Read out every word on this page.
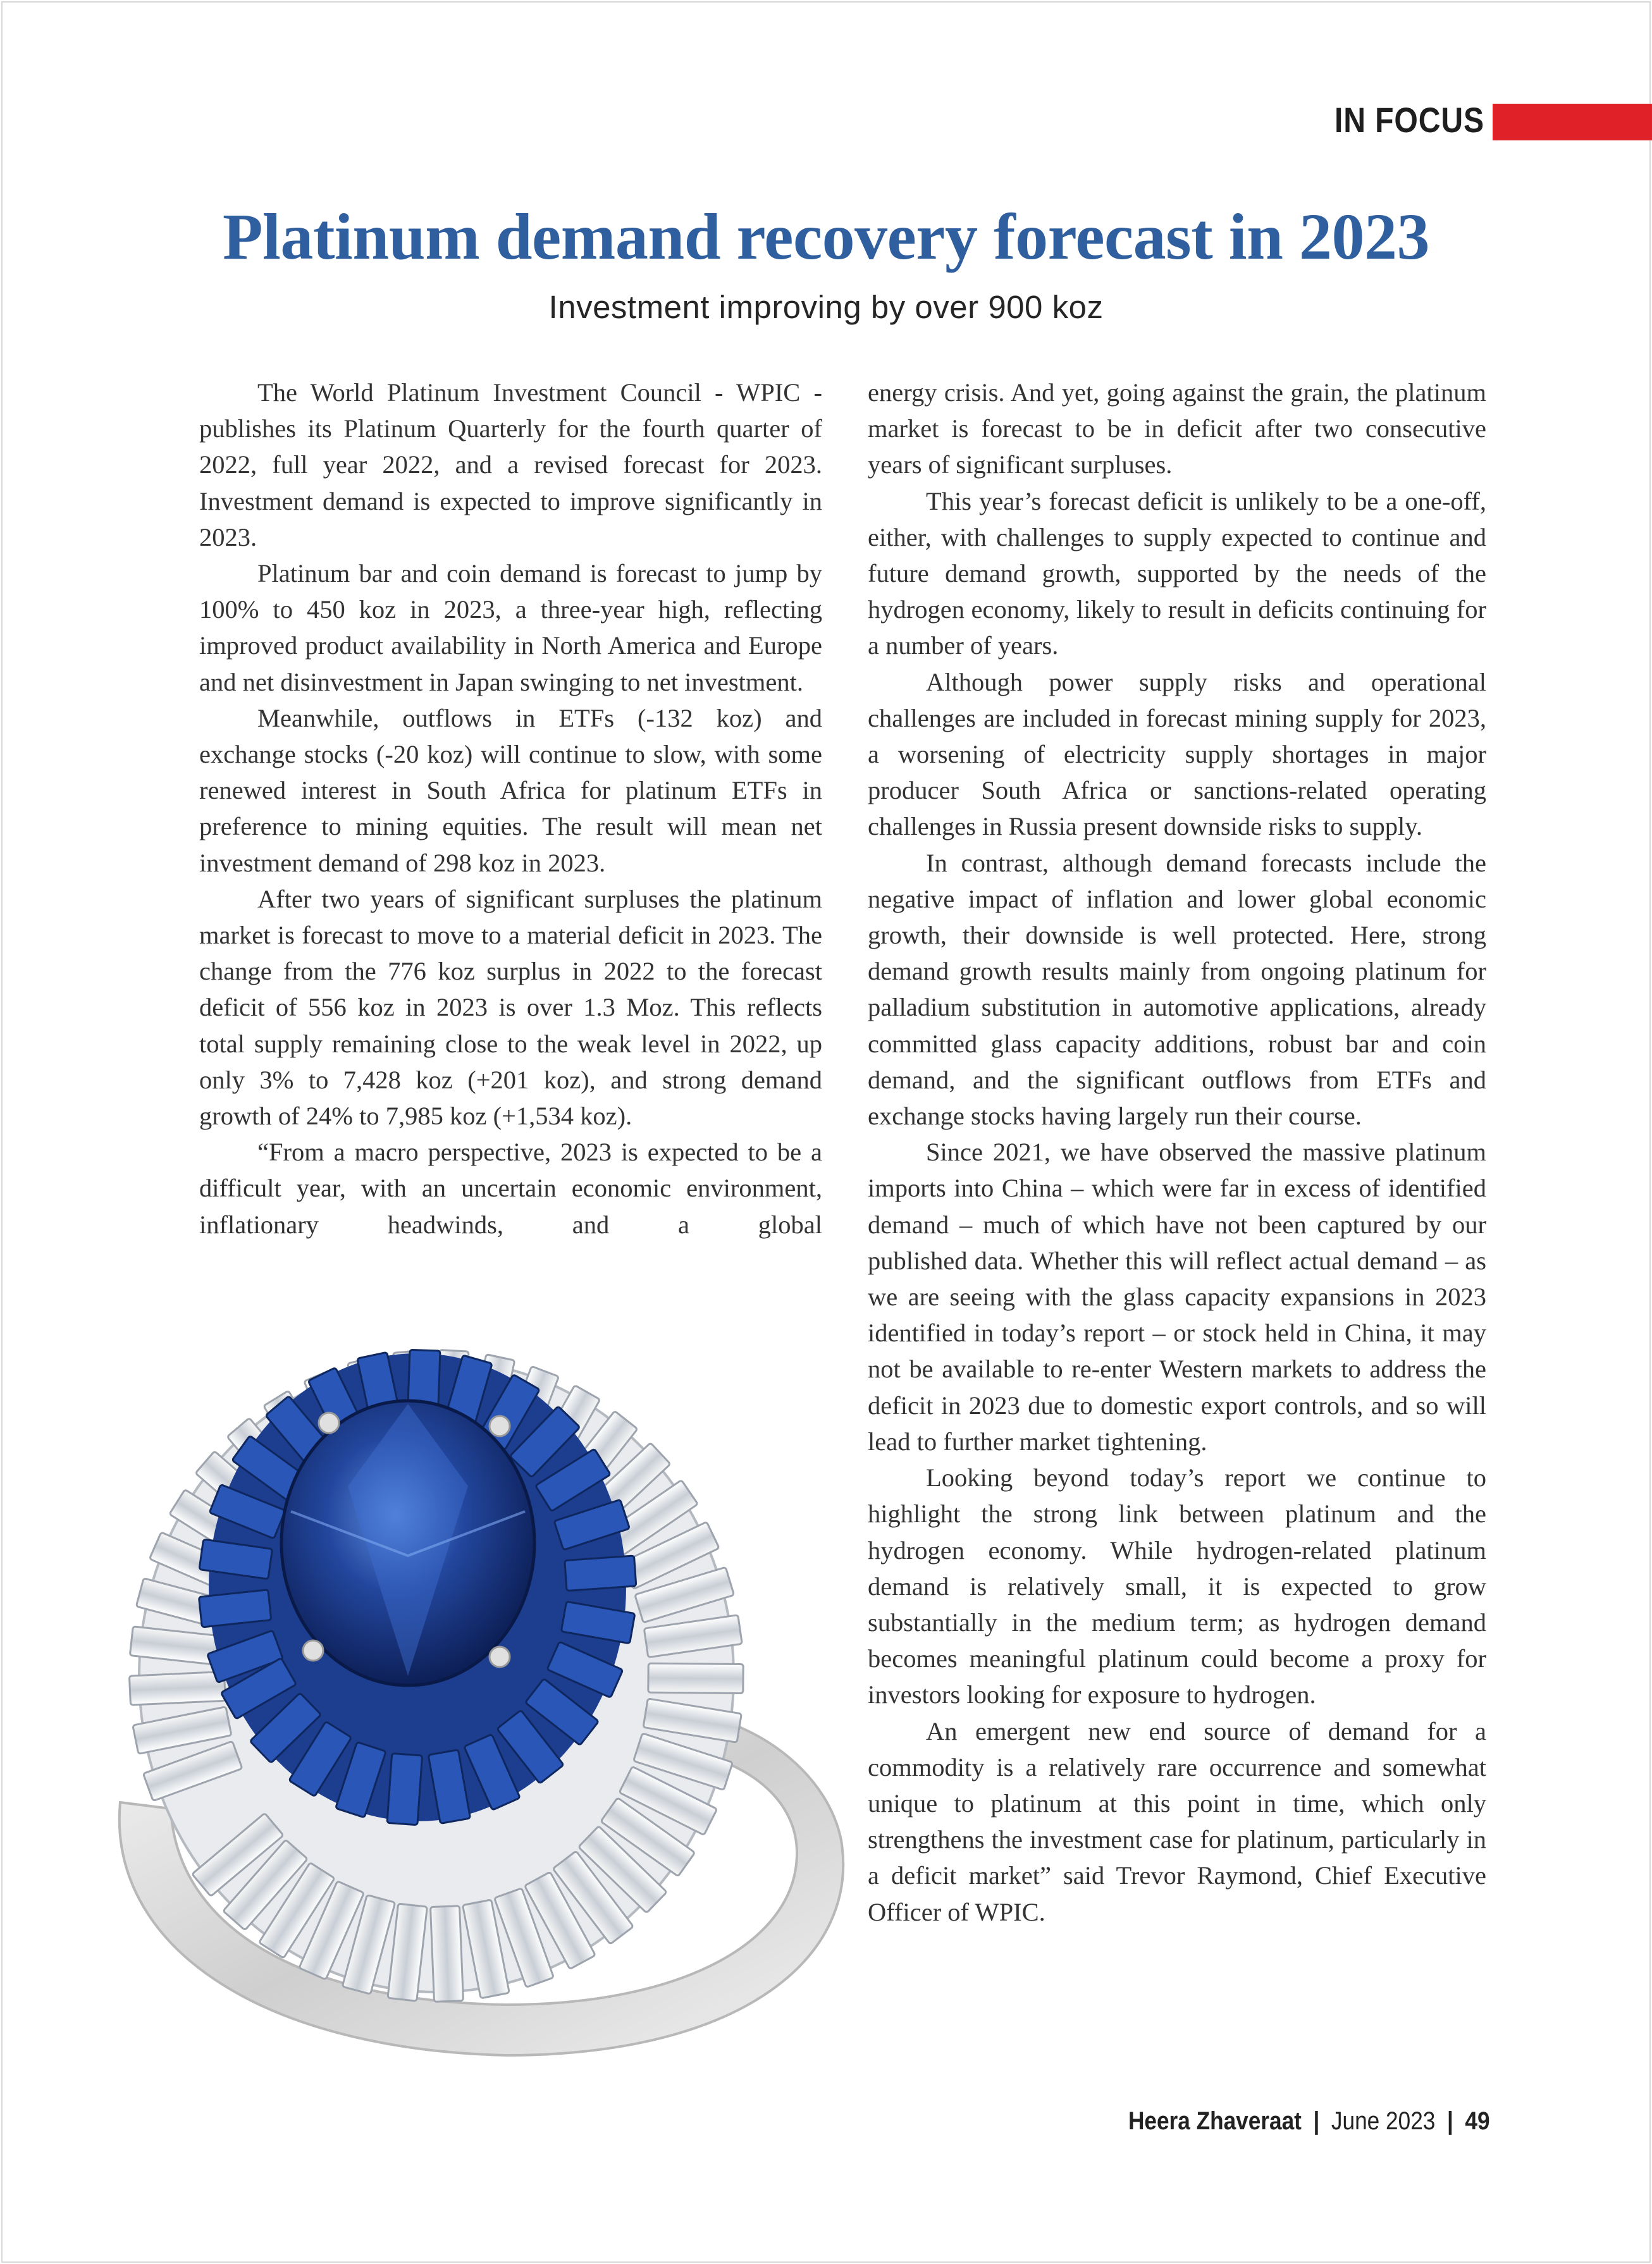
IN FOCUS
Platinum demand recovery forecast in 2023
Investment improving by over 900 koz

The World Platinum Investment Council - WPIC - publishes its Platinum Quarterly for the fourth quarter of 2022, full year 2022, and a revised forecast for 2023. Investment demand is expected to improve significantly in 2023.

Platinum bar and coin demand is forecast to jump by 100% to 450 koz in 2023, a three-year high, reflecting improved product availability in North America and Europe and net disinvestment in Japan swinging to net investment.

Meanwhile, outflows in ETFs (-132 koz) and exchange stocks (-20 koz) will continue to slow, with some renewed interest in South Africa for platinum ETFs in preference to mining equities. The result will mean net investment demand of 298 koz in 2023.

After two years of significant surpluses the platinum market is forecast to move to a material deficit in 2023. The change from the 776 koz surplus in 2022 to the forecast deficit of 556 koz in 2023 is over 1.3 Moz. This reflects total supply remaining close to the weak level in 2022, up only 3% to 7,428 koz (+201 koz), and strong demand growth of 24% to 7,985 koz (+1,534 koz).

“From a macro perspective, 2023 is expected to be a difficult year, with an uncertain economic environment, inflationary headwinds, and a global

energy crisis. And yet, going against the grain, the platinum market is forecast to be in deficit after two consecutive years of significant surpluses.

This year’s forecast deficit is unlikely to be a one-off, either, with challenges to supply expected to continue and future demand growth, supported by the needs of the hydrogen economy, likely to result in deficits continuing for a number of years.

Although power supply risks and operational challenges are included in forecast mining supply for 2023, a worsening of electricity supply shortages in major producer South Africa or sanctions-related operating challenges in Russia present downside risks to supply.

In contrast, although demand forecasts include the negative impact of inflation and lower global economic growth, their downside is well protected. Here, strong demand growth results mainly from ongoing platinum for palladium substitution in automotive applications, already committed glass capacity additions, robust bar and coin demand, and the significant outflows from ETFs and exchange stocks having largely run their course.

Since 2021, we have observed the massive platinum imports into China – which were far in excess of identified demand – much of which have not been captured by our published data. Whether this will reflect actual demand – as we are seeing with the glass capacity expansions in 2023 identified in today’s report – or stock held in China, it may not be available to re-enter Western markets to address the deficit in 2023 due to domestic export controls, and so will lead to further market tightening.

Looking beyond today’s report we continue to highlight the strong link between platinum and the hydrogen economy. While hydrogen-related platinum demand is relatively small, it is expected to grow substantially in the medium term; as hydrogen demand becomes meaningful platinum could become a proxy for investors looking for exposure to hydrogen.

An emergent new end source of demand for a commodity is a relatively rare occurrence and somewhat unique to platinum at this point in time, which only strengthens the investment case for platinum, particularly in a deficit market” said Trevor Raymond, Chief Executive Officer of WPIC.

Heera Zhaveraat | June 2023 | 49
